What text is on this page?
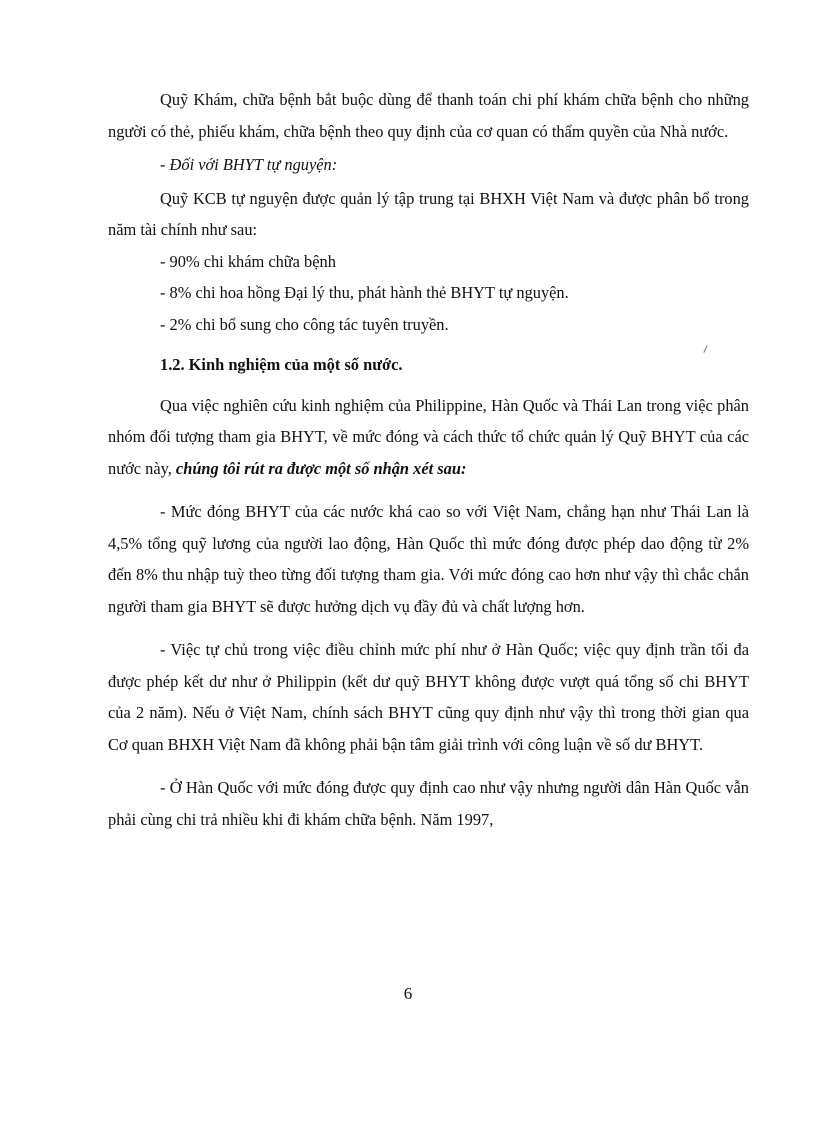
Quỹ Khám, chữa bệnh bắt buộc dùng để thanh toán chi phí khám chữa bệnh cho những người có thẻ, phiếu khám, chữa bệnh theo quy định của cơ quan có thẩm quyền của Nhà nước.

- Đối với BHYT tự nguyện:

Quỹ KCB tự nguyện được quản lý tập trung tại BHXH Việt Nam và được phân bổ trong năm tài chính như sau:

- 90% chi khám chữa bệnh

- 8% chi hoa hồng Đại lý thu, phát hành thẻ BHYT tự nguyện.

- 2% chi bổ sung cho công tác tuyên truyền.

1.2. Kinh nghiệm của một số nước.

Qua việc nghiên cứu kinh nghiệm của Philippine, Hàn Quốc và Thái Lan trong việc phân nhóm đối tượng tham gia BHYT, về mức đóng và cách thức tổ chức quản lý Quỹ BHYT của các nước này, chúng tôi rút ra được một số nhận xét sau:

- Mức đóng BHYT của các nước khá cao so với Việt Nam, chẳng hạn như Thái Lan là 4,5% tổng quỹ lương của người lao động, Hàn Quốc thì mức đóng được phép dao động từ 2% đến 8% thu nhập tuỳ theo từng đối tượng tham gia. Với mức đóng cao hơn như vậy thì chắc chắn người tham gia BHYT sẽ được hưởng dịch vụ đầy đủ và chất lượng hơn.

- Việc tự chủ trong việc điều chỉnh mức phí như ở Hàn Quốc; việc quy định trần tối đa được phép kết dư như ở Philippin (kết dư quỹ BHYT không được vượt quá tổng số chi BHYT của 2 năm). Nếu ở Việt Nam, chính sách BHYT cũng quy định như vậy thì trong thời gian qua Cơ quan BHXH Việt Nam đã không phải bận tâm giải trình với công luận về số dư BHYT.

- Ở Hàn Quốc với mức đóng được quy định cao như vậy nhưng người dân Hàn Quốc vẫn phải cùng chi trả nhiều khi đi khám chữa bệnh. Năm 1997,

6
